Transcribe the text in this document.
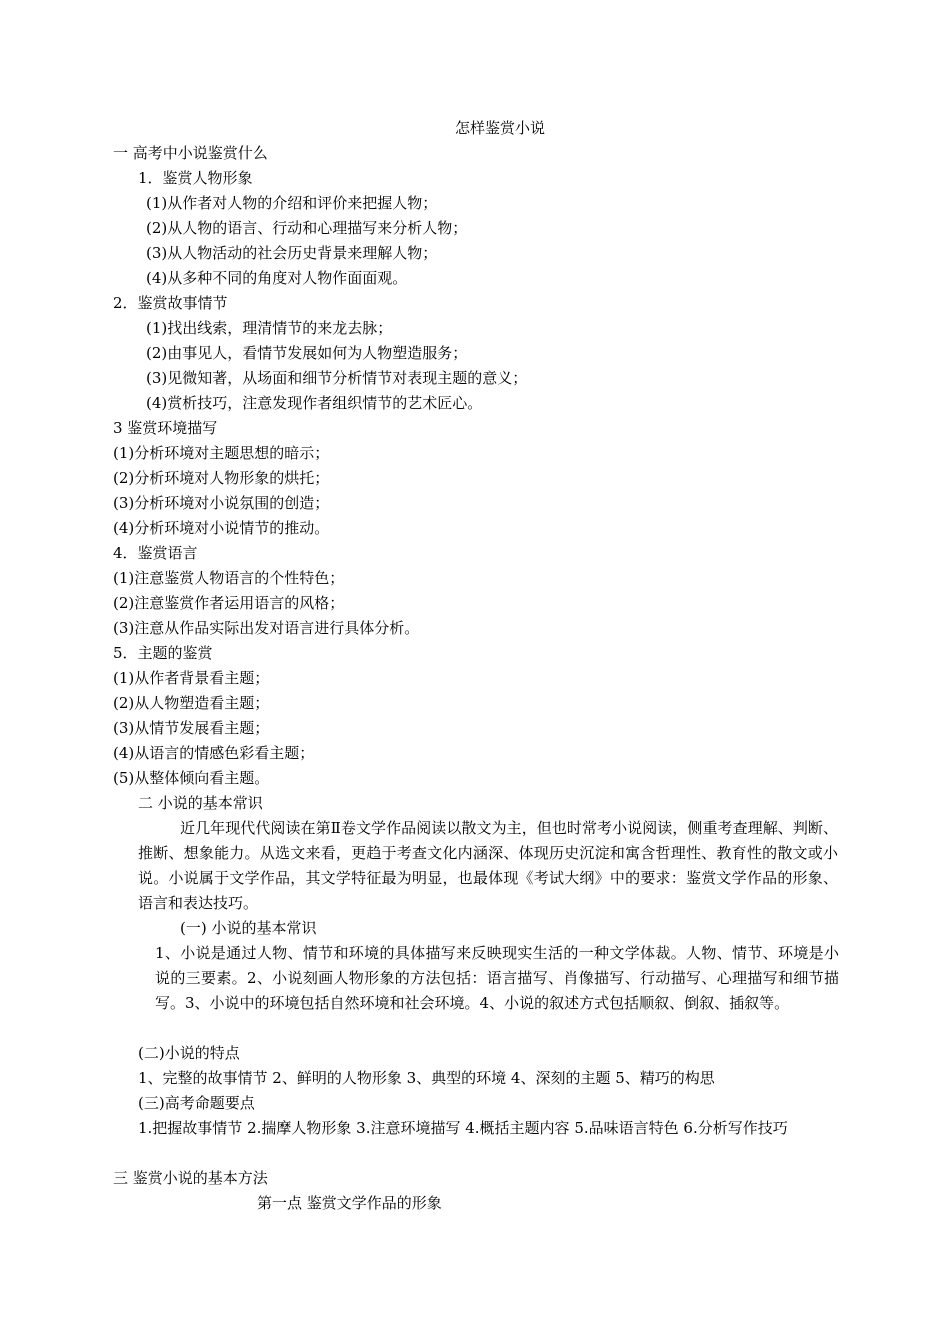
怎样鉴赏小说
一 高考中小说鉴赏什么
1．鉴赏人物形象
(1)从作者对人物的介绍和评价来把握人物；
(2)从人物的语言、行动和心理描写来分析人物；
(3)从人物活动的社会历史背景来理解人物；
(4)从多种不同的角度对人物作面面观。
2．鉴赏故事情节
(1)找出线索，理清情节的来龙去脉；
(2)由事见人，看情节发展如何为人物塑造服务；
(3)见微知著，从场面和细节分析情节对表现主题的意义；
(4)赏析技巧，注意发现作者组织情节的艺术匠心。
3 鉴赏环境描写
(1)分析环境对主题思想的暗示；
(2)分析环境对人物形象的烘托；
(3)分析环境对小说氛围的创造；
(4)分析环境对小说情节的推动。
4．鉴赏语言
(1)注意鉴赏人物语言的个性特色；
(2)注意鉴赏作者运用语言的风格；
(3)注意从作品实际出发对语言进行具体分析。
5．主题的鉴赏
(1)从作者背景看主题；
(2)从人物塑造看主题；
(3)从情节发展看主题；
(4)从语言的情感色彩看主题；
(5)从整体倾向看主题。
二 小说的基本常识
近几年现代代阅读在第Ⅱ卷文学作品阅读以散文为主，但也时常考小说阅读，侧重考查理解、判断、推断、想象能力。从选文来看，更趋于考查文化内涵深、体现历史沉淀和寓含哲理性、教育性的散文或小说。小说属于文学作品，其文学特征最为明显，也最体现《考试大纲》中的要求：鉴赏文学作品的形象、语言和表达技巧。
(一) 小说的基本常识
1、小说是通过人物、情节和环境的具体描写来反映现实生活的一种文学体裁。人物、情节、环境是小说的三要素。2、小说刻画人物形象的方法包括：语言描写、肖像描写、行动描写、心理描写和细节描写。3、小说中的环境包括自然环境和社会环境。4、小说的叙述方式包括顺叙、倒叙、插叙等。
(二)小说的特点
1、完整的故事情节 2、鲜明的人物形象 3、典型的环境 4、深刻的主题 5、精巧的构思
(三)高考命题要点
1.把握故事情节 2.揣摩人物形象 3.注意环境描写 4.概括主题内容 5.品味语言特色 6.分析写作技巧
三 鉴赏小说的基本方法
第一点 鉴赏文学作品的形象
